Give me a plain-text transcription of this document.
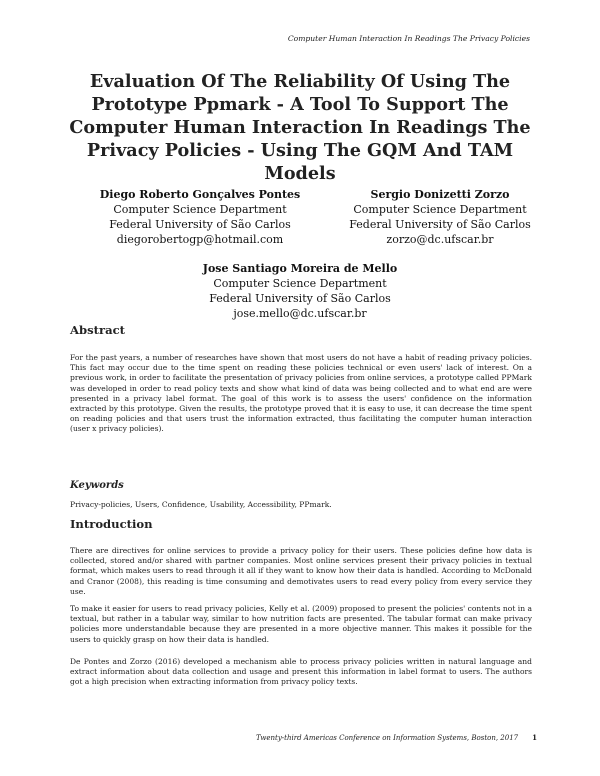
Computer Human Interaction In Readings The Privacy Policies
Evaluation Of The Reliability Of Using The Prototype Ppmark - A Tool To Support The Computer Human Interaction In Readings The Privacy Policies - Using The GQM And TAM Models
Diego Roberto Gonçalves Pontes
Computer Science Department
Federal University of São Carlos
diegorobertogp@hotmail.com
Sergio Donizetti Zorzo
Computer Science Department
Federal University of São Carlos
zorzo@dc.ufscar.br
Jose Santiago Moreira de Mello
Computer Science Department
Federal University of São Carlos
jose.mello@dc.ufscar.br
Abstract

For the past years, a number of researches have shown that most users do not have a habit of reading privacy policies. This fact may occur due to the time spent on reading these policies technical or even users' lack of interest. On a previous work, in order to facilitate the presentation of privacy policies from online services, a prototype called PPMark was developed in order to read policy texts and show what kind of data was being collected and to what end are were presented in a privacy label format. The goal of this work is to assess the users' confidence on the information extracted by this prototype. Given the results, the prototype proved that it is easy to use, it can decrease the time spent on reading policies and that users trust the information extracted, thus facilitating the computer human interaction (user x privacy policies).

Keywords

Privacy-policies, Users, Confidence, Usability, Accessibility, PPmark.

Introduction

There are directives for online services to provide a privacy policy for their users. These policies define how data is collected, stored and/or shared with partner companies. Most online services present their privacy policies in textual format, which makes users to read through it all if they want to know how their data is handled. According to McDonald and Cranor (2008), this reading is time consuming and demotivates users to read every policy from every service they use.

To make it easier for users to read privacy policies, Kelly et al. (2009) proposed to present the policies' contents not in a textual, but rather in a tabular way, similar to how nutrition facts are presented. The tabular format can make privacy policies more understandable because they are presented in a more objective manner. This makes it possible for the users to quickly grasp on how their data is handled.

De Pontes and Zorzo (2016) developed a mechanism able to process privacy policies written in natural language and extract information about data collection and usage and present this information in label format to users. The authors got a high precision when extracting information from privacy policy texts.

Twenty-third Americas Conference on Information Systems, Boston, 2017 1
